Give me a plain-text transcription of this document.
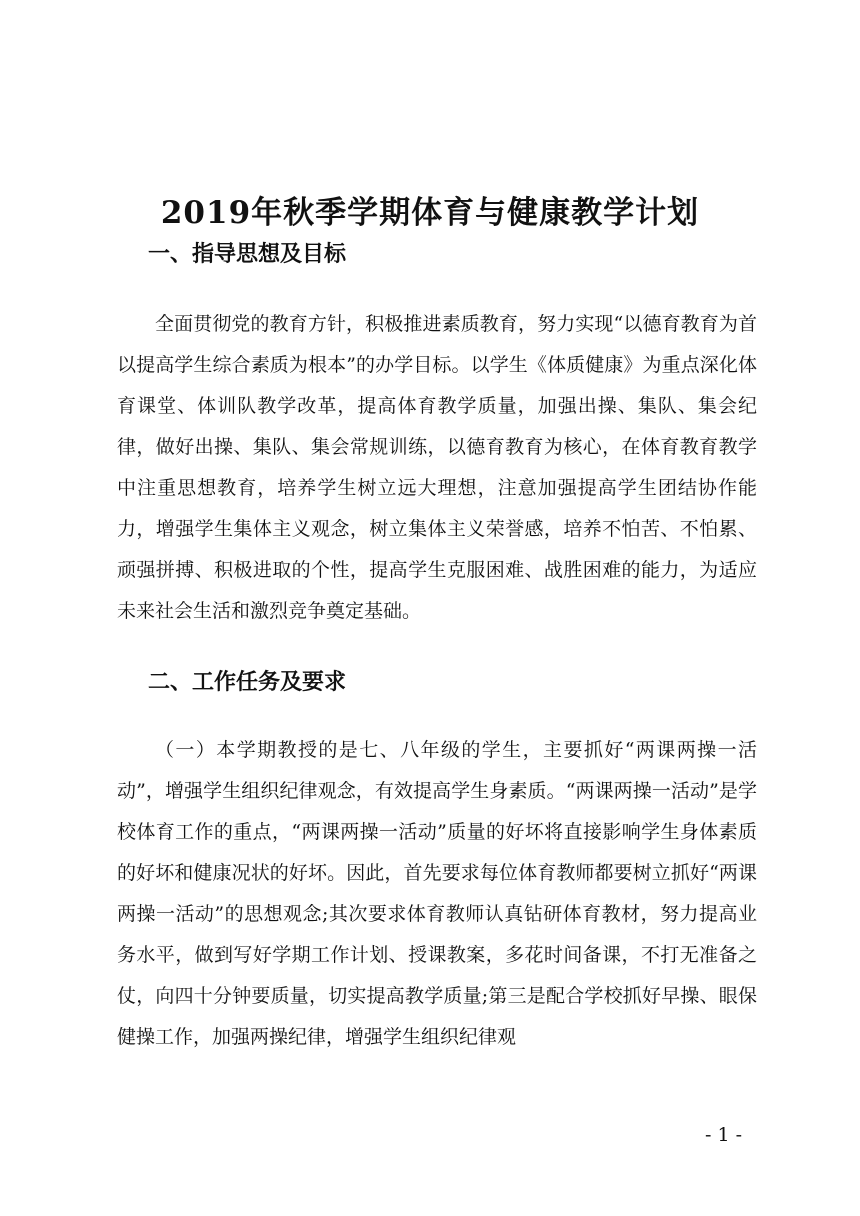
2019年秋季学期体育与健康教学计划
一、指导思想及目标

全面贯彻党的教育方针，积极推进素质教育，努力实现“以德育教育为首以提高学生综合素质为根本”的办学目标。以学生《体质健康》为重点深化体育课堂、体训队教学改革，提高体育教学质量，加强出操、集队、集会纪律，做好出操、集队、集会常规训练，以德育教育为核心，在体育教育教学中注重思想教育，培养学生树立远大理想，注意加强提高学生团结协作能力，增强学生集体主义观念，树立集体主义荣誉感，培养不怕苦、不怕累、顽强拼搏、积极进取的个性，提高学生克服困难、战胜困难的能力，为适应未来社会生活和激烈竞争奠定基础。

二、工作任务及要求

（一）本学期教授的是七、八年级的学生，主要抓好“两课两操一活动”，增强学生组织纪律观念，有效提高学生身素质。“两课两操一活动”是学校体育工作的重点，“两课两操一活动”质量的好坏将直接影响学生身体素质的好坏和健康况状的好坏。因此，首先要求每位体育教师都要树立抓好“两课两操一活动”的思想观念;其次要求体育教师认真钻研体育教材，努力提高业务水平，做到写好学期工作计划、授课教案，多花时间备课，不打无准备之仗，向四十分钟要质量，切实提高教学质量;第三是配合学校抓好早操、眼保健操工作，加强两操纪律，增强学生组织纪律观

- 1 -
